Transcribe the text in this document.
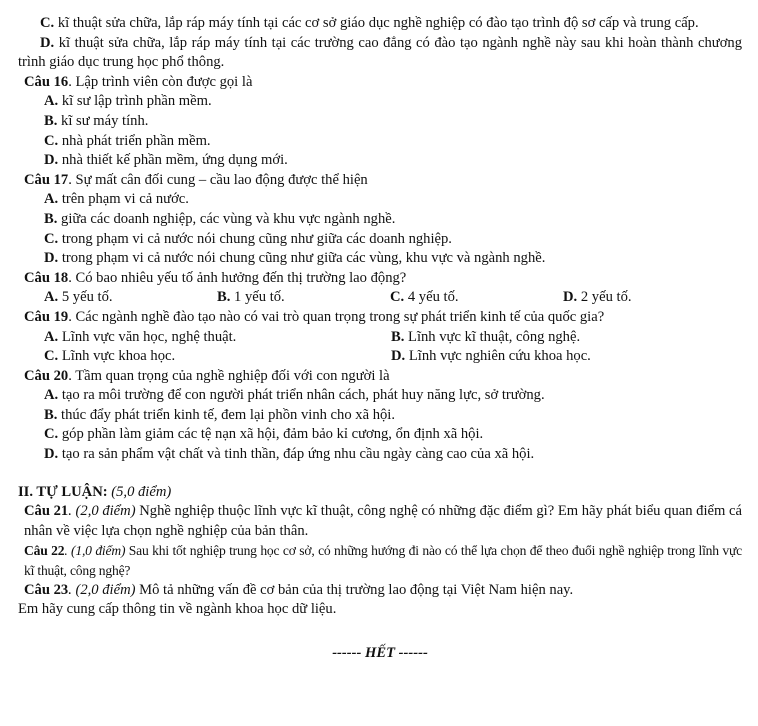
C. kĩ thuật sửa chữa, lắp ráp máy tính tại các cơ sở giáo dục nghề nghiệp có đào tạo trình độ sơ cấp và trung cấp.

D. kĩ thuật sửa chữa, lắp ráp máy tính tại các trường cao đẳng có đào tạo ngành nghề này sau khi hoàn thành chương trình giáo dục trung học phổ thông.

Câu 16. Lập trình viên còn được gọi là

A. kĩ sư lập trình phần mềm.

B. kĩ sư máy tính.

C. nhà phát triển phần mềm.

D. nhà thiết kế phần mềm, ứng dụng mới.

Câu 17. Sự mất cân đối cung – cầu lao động được thể hiện

A. trên phạm vi cả nước.

B. giữa các doanh nghiệp, các vùng và khu vực ngành nghề.

C. trong phạm vi cả nước nói chung cũng như giữa các doanh nghiệp.

D. trong phạm vi cả nước nói chung cũng như giữa các vùng, khu vực và ngành nghề.

Câu 18. Có bao nhiêu yếu tố ảnh hưởng đến thị trường lao động?

A. 5 yếu tố.	B. 1 yếu tố.	C. 4 yếu tố.	D. 2 yếu tố.

Câu 19. Các ngành nghề đào tạo nào có vai trò quan trọng trong sự phát triển kinh tế của quốc gia?

A. Lĩnh vực văn học, nghệ thuật.	B. Lĩnh vực kĩ thuật, công nghệ.
C. Lĩnh vực khoa học.	D. Lĩnh vực nghiên cứu khoa học.

Câu 20. Tầm quan trọng của nghề nghiệp đối với con người là

A. tạo ra môi trường để con người phát triển nhân cách, phát huy năng lực, sở trường.

B. thúc đẩy phát triển kinh tế, đem lại phồn vinh cho xã hội.

C. góp phần làm giảm các tệ nạn xã hội, đảm bảo kỉ cương, ổn định xã hội.

D. tạo ra sản phẩm vật chất và tinh thần, đáp ứng nhu cầu ngày càng cao của xã hội.

II. TỰ LUẬN: (5,0 điểm)

Câu 21. (2,0 điểm) Nghề nghiệp thuộc lĩnh vực kĩ thuật, công nghệ có những đặc điểm gì? Em hãy phát biểu quan điểm cá nhân về việc lựa chọn nghề nghiệp của bản thân.

Câu 22. (1,0 điểm) Sau khi tốt nghiệp trung học cơ sở, có những hướng đi nào có thể lựa chọn để theo đuổi nghề nghiệp trong lĩnh vực kĩ thuật, công nghệ?

Câu 23. (2,0 điểm) Mô tả những vấn đề cơ bản của thị trường lao động tại Việt Nam hiện nay.

Em hãy cung cấp thông tin về ngành khoa học dữ liệu.

------ HẾT ------
